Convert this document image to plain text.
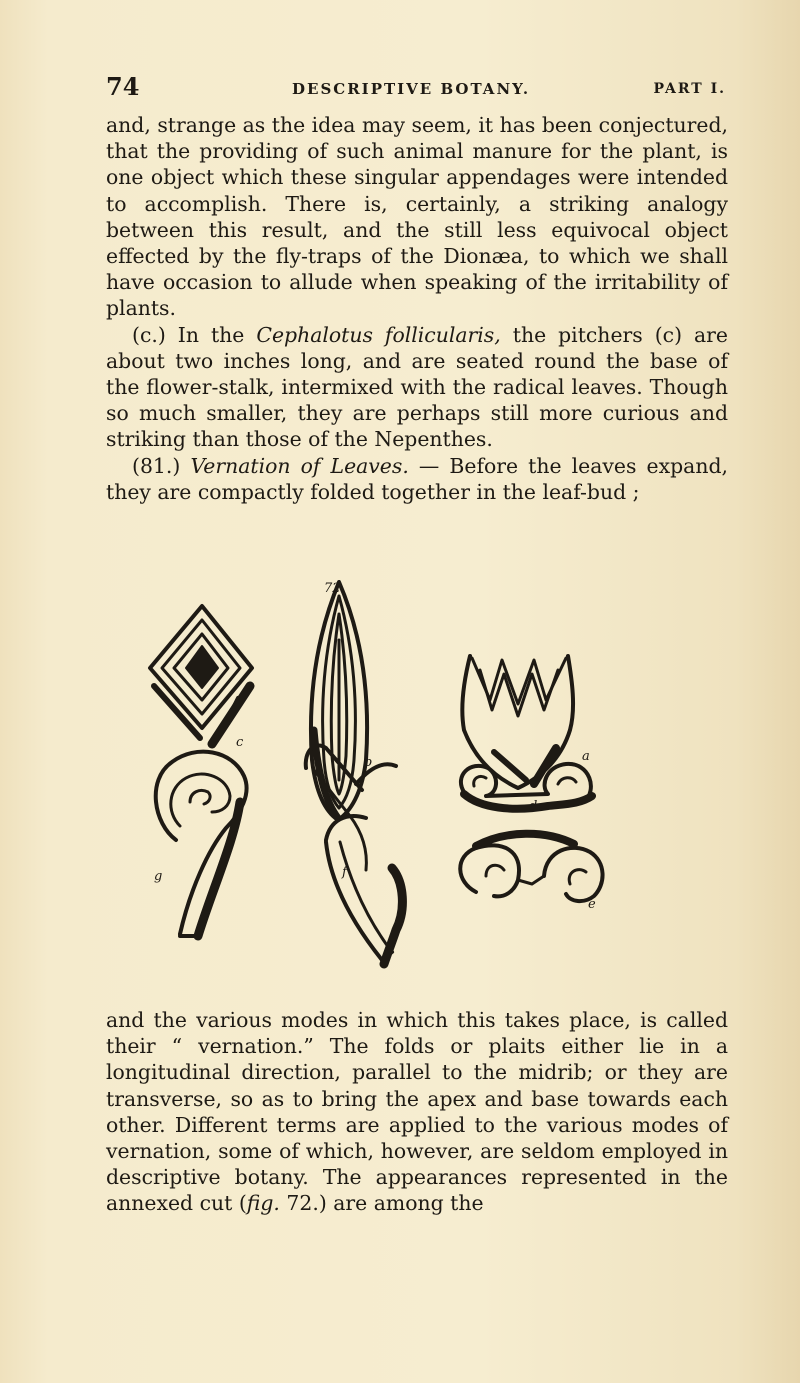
74	DESCRIPTIVE BOTANY.	PART I.

and, strange as the idea may seem, it has been conjectured, that the providing of such animal manure for the plant, is one object which these singular appendages were intended to accomplish. There is, certainly, a striking analogy between this result, and the still less equivocal object effected by the fly-traps of the Dionæa, to which we shall have occasion to allude when speaking of the irritability of plants.

(c.) In the Cephalotus follicularis, the pitchers (c) are about two inches long, and are seated round the base of the flower-stalk, intermixed with the radical leaves. Though so much smaller, they are perhaps still more curious and striking than those of the Nepenthes.

(81.) Vernation of Leaves. — Before the leaves expand, they are compactly folded together in the leaf-bud ;

72
c
b	a
d
e
f
g

and the various modes in which this takes place, is called their “ vernation.” The folds or plaits either lie in a longitudinal direction, parallel to the midrib; or they are transverse, so as to bring the apex and base towards each other. Different terms are applied to the various modes of vernation, some of which, however, are seldom employed in descriptive botany. The appearances represented in the annexed cut (fig. 72.) are among the
